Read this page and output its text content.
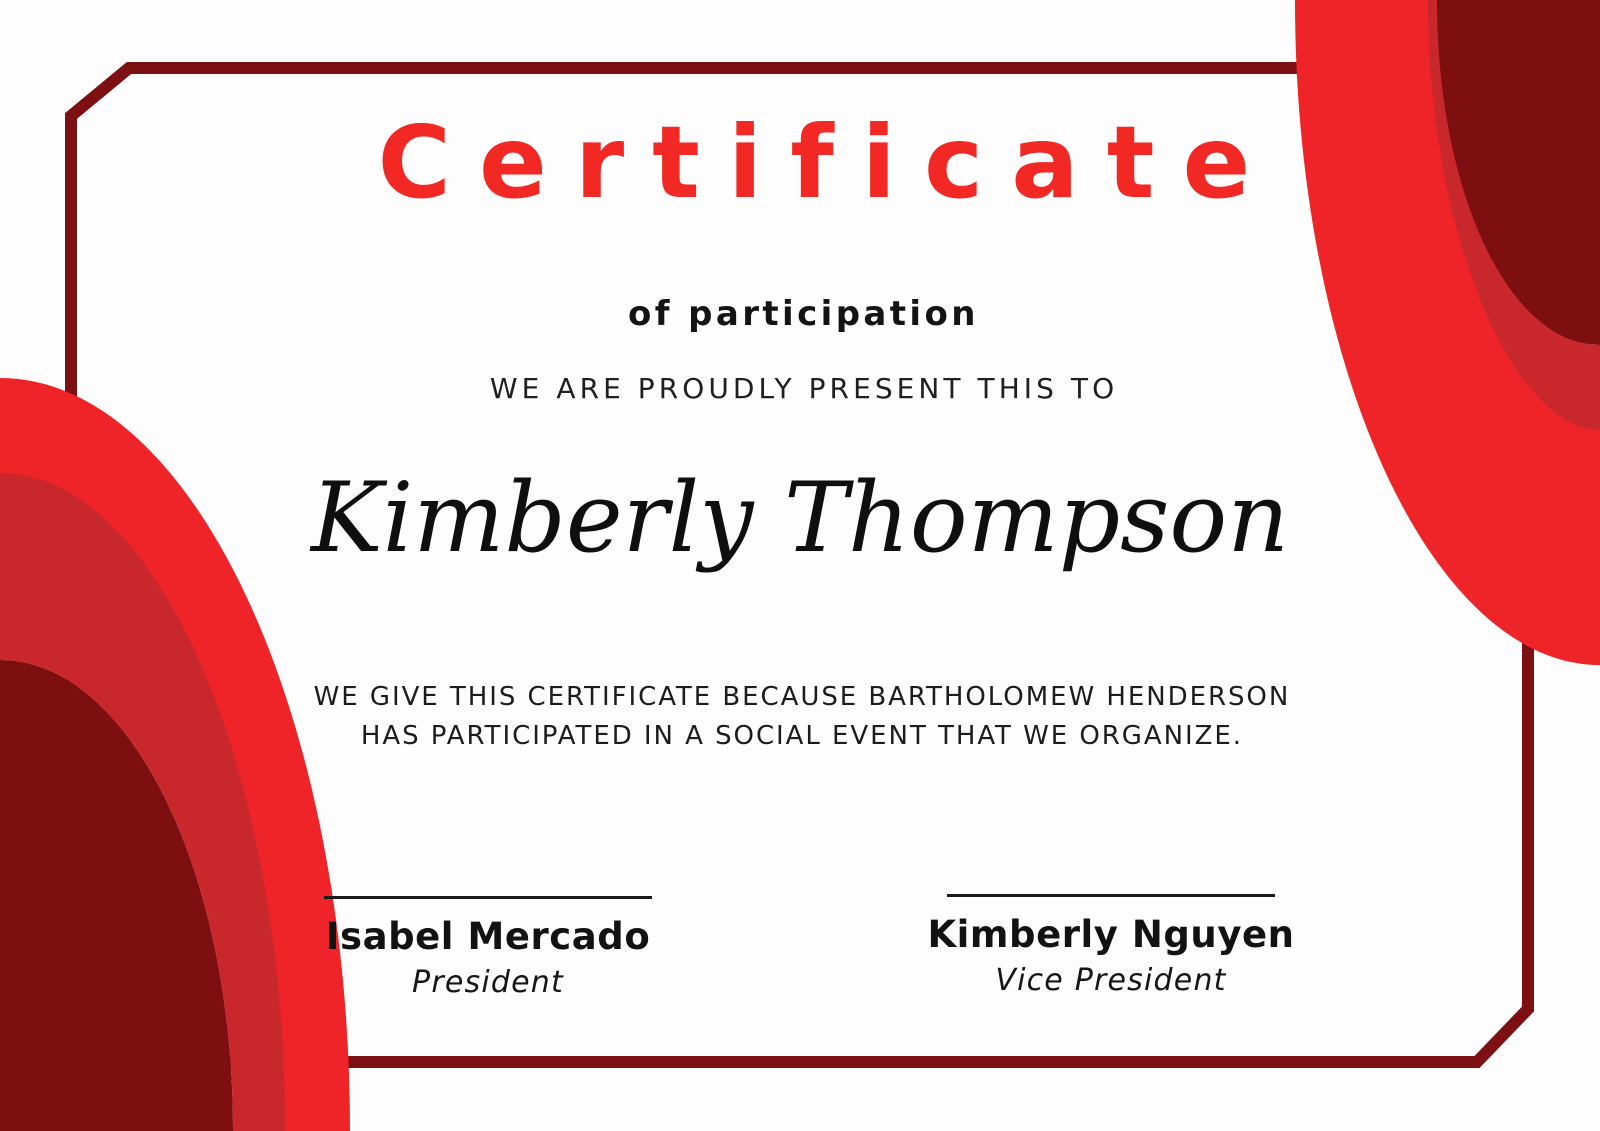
Certificate
of participation
WE ARE PROUDLY PRESENT THIS TO
Kimberly Thompson
WE GIVE THIS CERTIFICATE BECAUSE BARTHOLOMEW HENDERSON
HAS PARTICIPATED IN A SOCIAL EVENT THAT WE ORGANIZE.
Isabel Mercado
President
Kimberly Nguyen
Vice President
